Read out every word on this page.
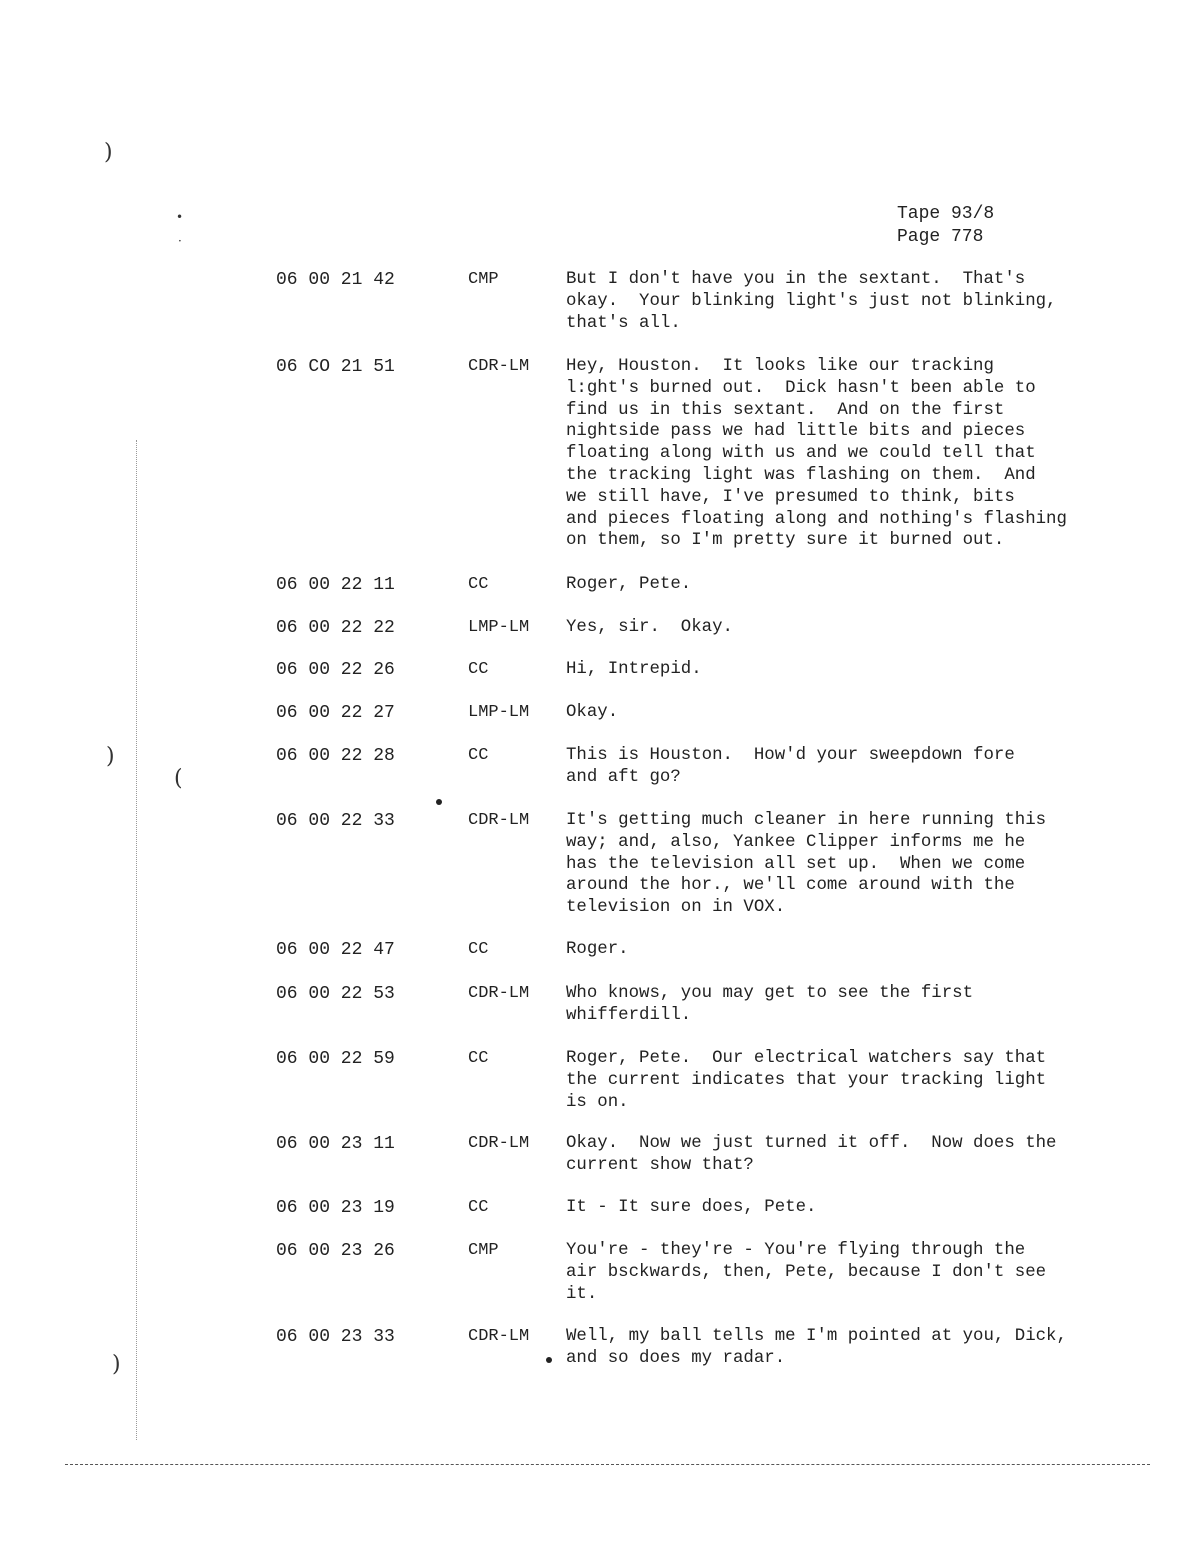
Tape 93/8
Page 778
06 00 21 42	CMP	But I don't have you in the sextant.  That's
okay.  Your blinking light's just not blinking,
that's all.
06 CO 21 51	CDR-LM Hey, Houston.  It looks like our tracking
l:ght's burned out.  Dick hasn't been able to
find us in this sextant.  And on the first
nightside pass we had little bits and pieces
floating along with us and we could tell that
the tracking light was flashing on them.  And
we still have, I've presumed to think, bits
and pieces floating along and nothing's flashing
on them, so I'm pretty sure it burned out.
06 00 22 11	CC	Roger, Pete.
06 00 22 22	LMP-LM Yes, sir.  Okay.
06 00 22 26	CC	Hi, Intrepid.
06 00 22 27	LMP-LM Okay.
06 00 22 28	CC	This is Houston.  How'd your sweepdown fore
and aft go?
06 00 22 33	CDR-LM It's getting much cleaner in here running this
way; and, also, Yankee Clipper informs me he
has the television all set up.  When we come
around the hor., we'll come around with the
television on in VOX.
06 00 22 47	CC	Roger.
06 00 22 53	CDR-LM Who knows, you may get to see the first
whifferdill.
06 00 22 59	CC	Roger, Pete.  Our electrical watchers say that
the current indicates that your tracking light
is on.
06 00 23 11	CDR-LM Okay.  Now we just turned it off.  Now does the
current show that?
06 00 23 19	CC	It - It sure does, Pete.
06 00 23 26	CMP	You're - they're - You're flying through the
air bsckwards, then, Pete, because I don't see
it.
06 00 23 33	CDR-LM Well, my ball tells me I'm pointed at you, Dick,
and so does my radar.
)
•
·
)
(
)
